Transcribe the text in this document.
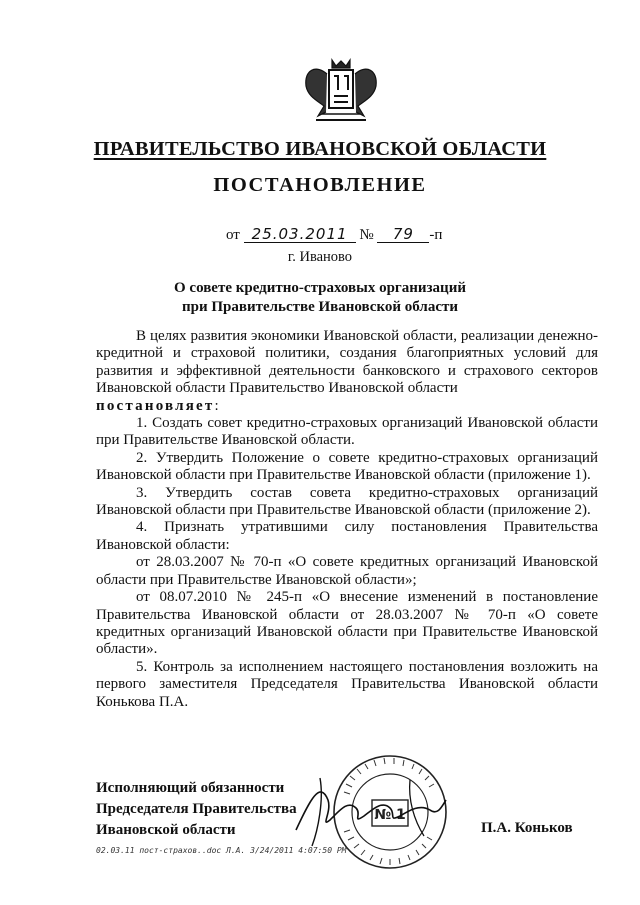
ПРАВИТЕЛЬСТВО ИВАНОВСКОЙ ОБЛАСТИ
ПОСТАНОВЛЕНИЕ
от 25.03.2011 № 79 -п
г. Иваново
О совете кредитно-страховых организаций
при Правительстве Ивановской области

В целях развития экономики Ивановской области, реализации денежно-кредитной и страховой политики, создания благоприятных условий для развития и эффективной деятельности банковского и страхового секторов Ивановской области Правительство Ивановской области
постановляет:

1. Создать совет кредитно-страховых организаций Ивановской области при Правительстве Ивановской области.

2. Утвердить Положение о совете кредитно-страховых организаций Ивановской области при Правительстве Ивановской области (приложение 1).

3. Утвердить состав совета кредитно-страховых организаций Ивановской области при Правительстве Ивановской области (приложение 2).

4. Признать утратившими силу постановления Правительства Ивановской области:

от 28.03.2007 № 70-п «О совете кредитных организаций Ивановской области при Правительстве Ивановской области»;

от 08.07.2010 № 245-п «О внесение изменений в постановление Правительства Ивановской области от 28.03.2007 № 70-п «О совете кредитных организаций Ивановской области при Правительстве Ивановской области».

5. Контроль за исполнением настоящего постановления возложить на первого заместителя Председателя Правительства Ивановской области Конькова П.А.

Исполняющий обязанности
Председателя Правительства
Ивановской области
№ 1
П.А. Коньков
02.03.11 пост-страхов..doc Л.А. 3/24/2011 4:07:50 PM
